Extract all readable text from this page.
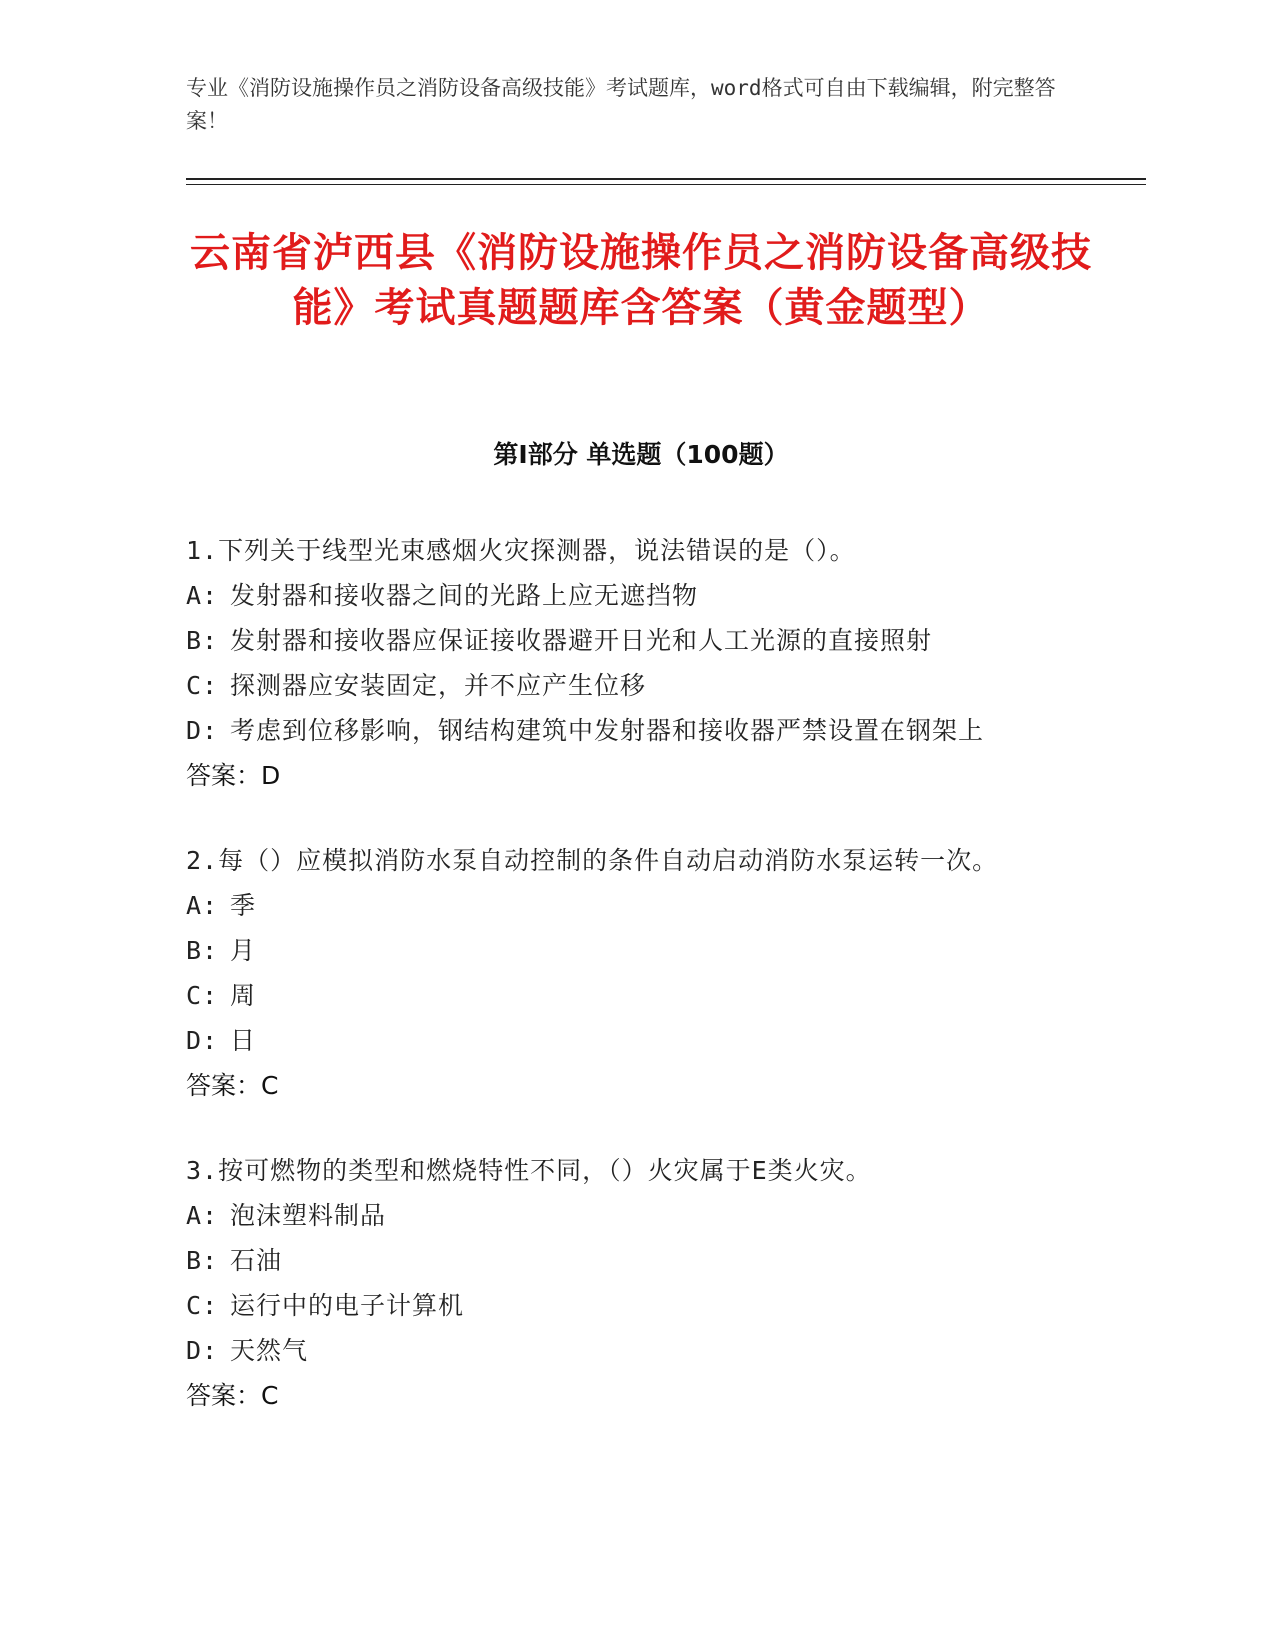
专业《消防设施操作员之消防设备高级技能》考试题库，word格式可自由下载编辑，附完整答案！
云南省泸西县《消防设施操作员之消防设备高级技能》考试真题题库含答案（黄金题型）
第Ⅰ部分 单选题（100题）

1.下列关于线型光束感烟火灾探测器，说法错误的是（）。

A: 发射器和接收器之间的光路上应无遮挡物

B: 发射器和接收器应保证接收器避开日光和人工光源的直接照射

C: 探测器应安装固定，并不应产生位移

D: 考虑到位移影响，钢结构建筑中发射器和接收器严禁设置在钢架上

答案：D

2.每（）应模拟消防水泵自动控制的条件自动启动消防水泵运转一次。

A: 季

B: 月

C: 周

D: 日

答案：C

3.按可燃物的类型和燃烧特性不同，（）火灾属于E类火灾。

A: 泡沫塑料制品

B: 石油

C: 运行中的电子计算机

D: 天然气

答案：C
